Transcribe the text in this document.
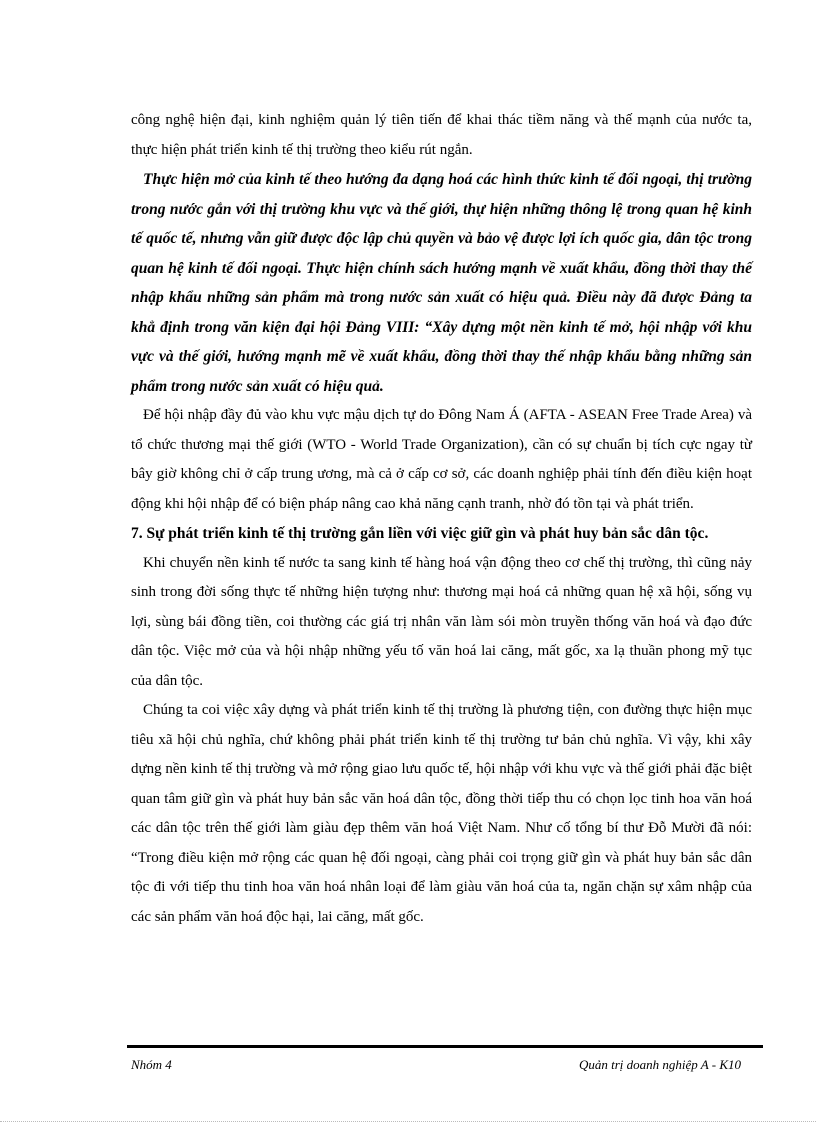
công nghệ hiện đại, kinh nghiệm quản lý tiên tiến để khai thác tiềm năng và thế mạnh của nước ta, thực hiện phát triển kinh tế thị trường theo kiểu rút ngắn.

Thực hiện mở của kinh tế theo hướng đa dạng hoá các hình thức kinh tế đối ngoại, thị trường trong nước gắn với thị trường khu vực và thế giới, thự hiện những thông lệ trong quan hệ kinh tế quốc tế, nhưng vẫn giữ được độc lập chủ quyền và bảo vệ được lợi ích quốc gia, dân tộc trong quan hệ kinh tế đối ngoại. Thực hiện chính sách hướng mạnh về xuất khẩu, đồng thời thay thế nhập khẩu những sản phẩm mà trong nước sản xuất có hiệu quả. Điều này đã được Đảng ta khẳ định trong văn kiện đại hội Đảng VIII: “Xây dựng một nền kinh tế mở, hội nhập với khu vực và thế giới, hướng mạnh mẽ về xuất khẩu, đồng thời thay thế nhập khẩu bằng những sản phẩm trong nước sản xuất có hiệu quả.

Để hội nhập đầy đủ vào khu vực mậu dịch tự do Đông Nam Á (AFTA - ASEAN Free Trade Area) và tổ chức thương mại thế giới (WTO - World Trade Organization), cần có sự chuẩn bị tích cực ngay từ bây giờ không chỉ ở cấp trung ương, mà cả ở cấp cơ sở, các doanh nghiệp phải tính đến điều kiện hoạt động khi hội nhập để có biện pháp nâng cao khả năng cạnh tranh, nhờ đó tồn tại và phát triển.

7. Sự phát triển kinh tế thị trường gắn liền với việc giữ gìn và phát huy bản sắc dân tộc.

Khi chuyển nền kinh tế nước ta sang kinh tế hàng hoá vận động theo cơ chế thị trường, thì cũng nảy sinh trong đời sống thực tế những hiện tượng như: thương mại hoá cả những quan hệ xã hội, sống vụ lợi, sùng bái đồng tiền, coi thường các giá trị nhân văn làm sói mòn truyền thống văn hoá và đạo đức dân tộc. Việc mở của và hội nhập những yếu tố văn hoá lai căng, mất gốc, xa lạ thuần phong mỹ tục của dân tộc.

Chúng ta coi việc xây dựng và phát triển kinh tế thị trường là phương tiện, con đường thực hiện mục tiêu xã hội chủ nghĩa, chứ không phải phát triển kinh tế thị trường tư bản chủ nghĩa. Vì vậy, khi xây dựng nền kinh tế thị trường và mở rộng giao lưu quốc tế, hội nhập với khu vực và thế giới phải đặc biệt quan tâm giữ gìn và phát huy bản sắc văn hoá dân tộc, đồng thời tiếp thu có chọn lọc tinh hoa văn hoá các dân tộc trên thế giới làm giàu đẹp thêm văn hoá Việt Nam. Như cố tổng bí thư Đỗ Mười đã nói: “Trong điều kiện mở rộng các quan hệ đối ngoại, càng phải coi trọng giữ gìn và phát huy bản sắc dân tộc đi với tiếp thu tinh hoa văn hoá nhân loại để làm giàu văn hoá của ta, ngăn chặn sự xâm nhập của các sản phẩm văn hoá độc hại, lai căng, mất gốc.

Nhóm 4	Quản trị doanh nghiệp A - K10
